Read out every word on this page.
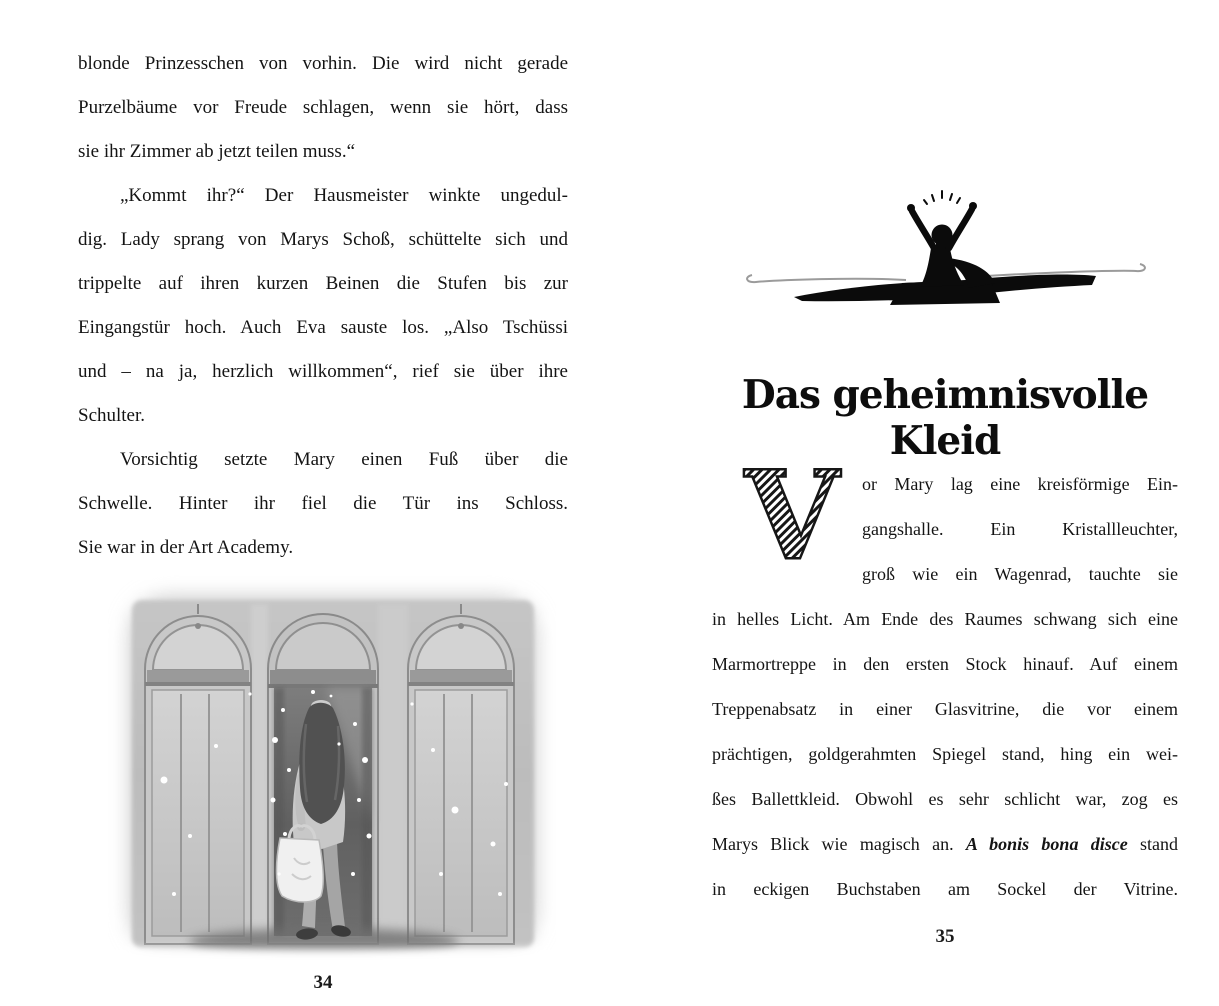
blonde Prinzesschen von vorhin. Die wird nicht gerade
Purzelbäume vor Freude schlagen, wenn sie hört, dass
sie ihr Zimmer ab jetzt teilen muss.“
„Kommt ihr?“ Der Hausmeister winkte ungedul-
dig. Lady sprang von Marys Schoß, schüttelte sich und
trippelte auf ihren kurzen Beinen die Stufen bis zur
Eingangstür hoch. Auch Eva sauste los. „Also Tschüssi
und – na ja, herzlich willkommen“, rief sie über ihre
Schulter.
Vorsichtig setzte Mary einen Fuß über die
Schwelle. Hinter ihr fiel die Tür ins Schloss.
Sie war in der Art Academy.
34
Das geheimnisvolle Kleid
V or Mary lag eine kreisförmige Ein-
gangshalle. Ein Kristallleuchter,
groß wie ein Wagenrad, tauchte sie
in helles Licht. Am Ende des Raumes schwang sich eine
Marmortreppe in den ersten Stock hinauf. Auf einem
Treppenabsatz in einer Glasvitrine, die vor einem
prächtigen, goldgerahmten Spiegel stand, hing ein wei-
ßes Ballettkleid. Obwohl es sehr schlicht war, zog es
Marys Blick wie magisch an. A bonis bona disce stand
in eckigen Buchstaben am Sockel der Vitrine.
35
